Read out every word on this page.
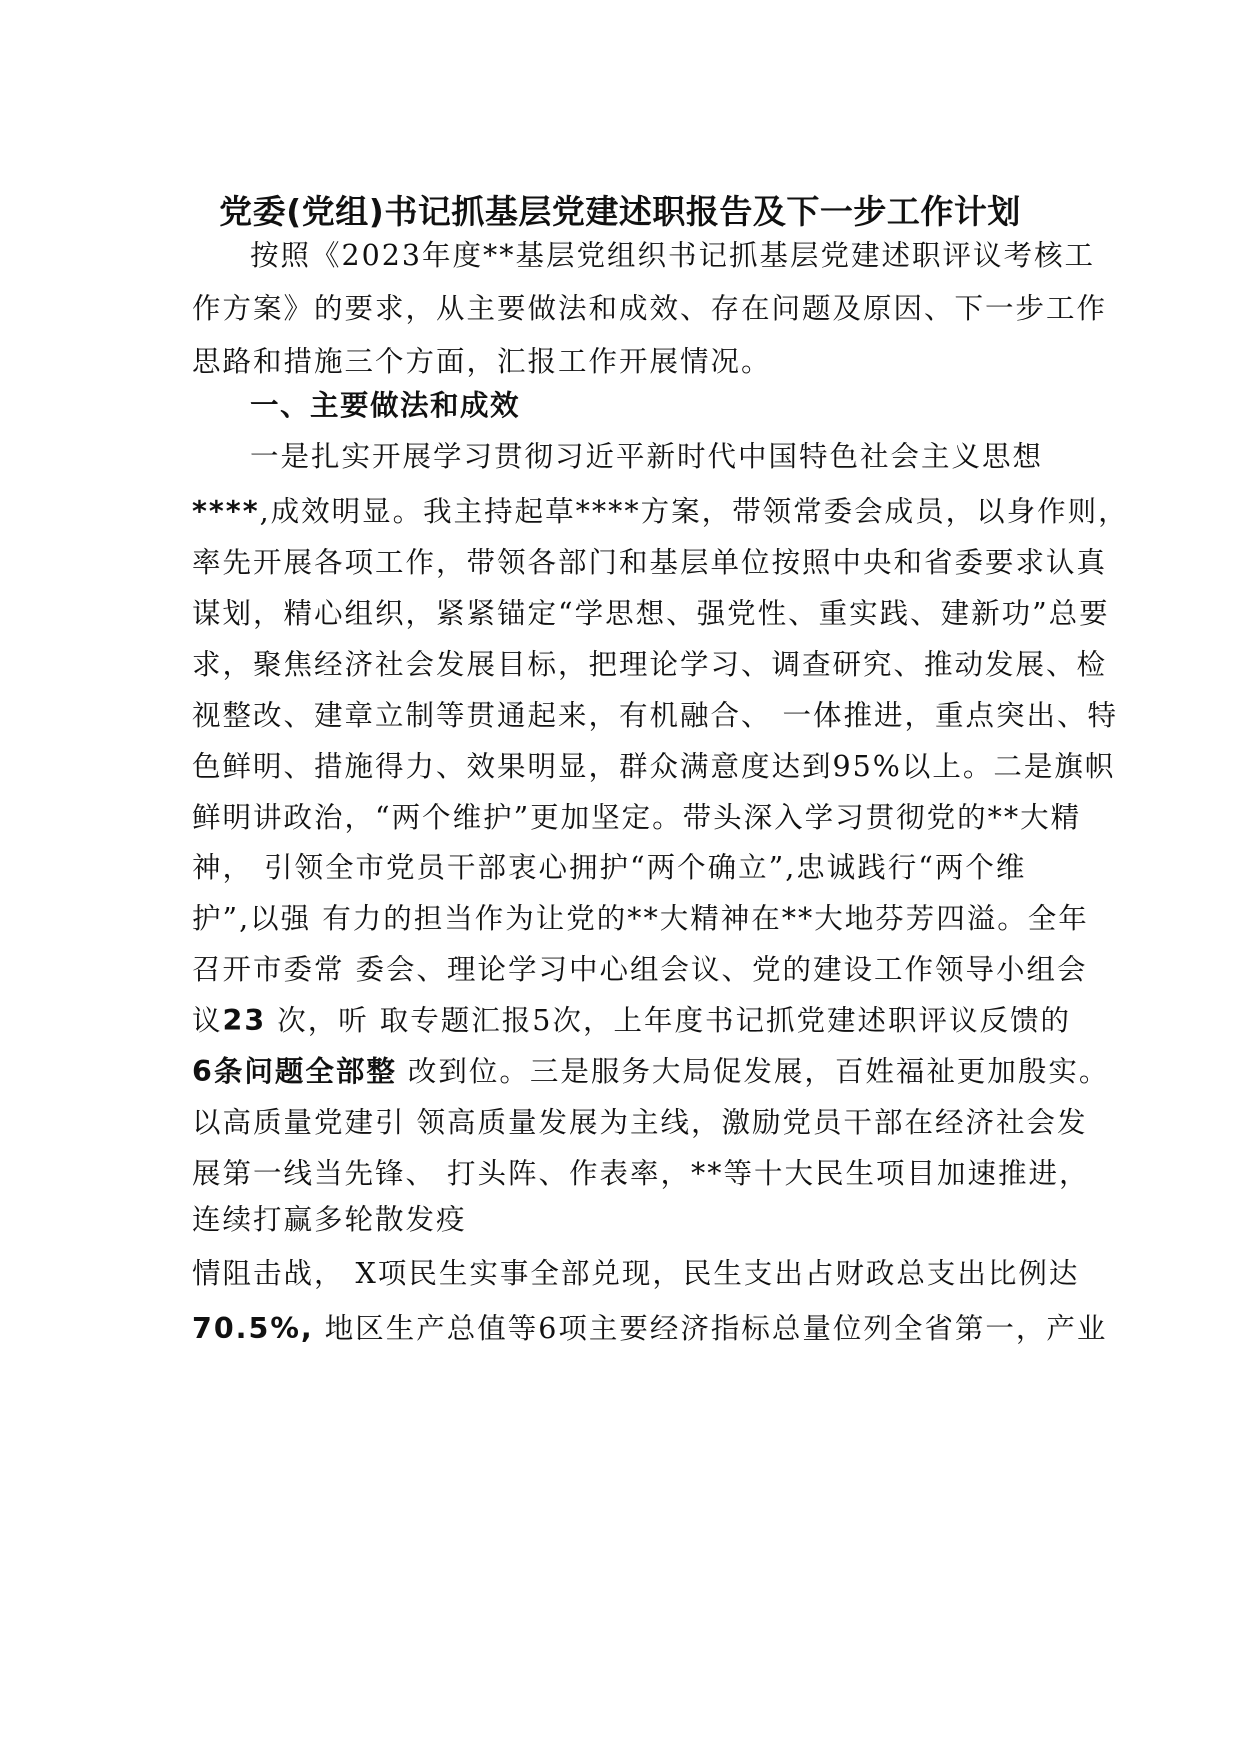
党委(党组)书记抓基层党建述职报告及下一步工作计划

按照《2023年度**基层党组织书记抓基层党建述职评议考核工

作方案》的要求，从主要做法和成效、存在问题及原因、下一步工作

思路和措施三个方面，汇报工作开展情况。

一、主要做法和成效

一是扎实开展学习贯彻习近平新时代中国特色社会主义思想

****,成效明显。我主持起草****方案，带领常委会成员，以身作则，

率先开展各项工作，带领各部门和基层单位按照中央和省委要求认真

谋划，精心组织，紧紧锚定“学思想、强党性、重实践、建新功”总要

求，聚焦经济社会发展目标，把理论学习、调查研究、推动发展、检

视整改、建章立制等贯通起来，有机融合、 一体推进，重点突出、特

色鲜明、措施得力、效果明显，群众满意度达到95%以上。二是旗帜

鲜明讲政治，“两个维护”更加坚定。带头深入学习贯彻党的**大精

神， 引领全市党员干部衷心拥护“两个确立”,忠诚践行“两个维

护”,以强 有力的担当作为让党的**大精神在**大地芬芳四溢。全年

召开市委常 委会、理论学习中心组会议、党的建设工作领导小组会

议23 次，听 取专题汇报5次，上年度书记抓党建述职评议反馈的

6条问题全部整 改到位。三是服务大局促发展，百姓福祉更加殷实。

以高质量党建引 领高质量发展为主线，激励党员干部在经济社会发

展第一线当先锋、 打头阵、作表率，**等十大民生项目加速推进，

连续打赢多轮散发疫

情阻击战， X项民生实事全部兑现，民生支出占财政总支出比例达

70.5%, 地区生产总值等6项主要经济指标总量位列全省第一，产业
